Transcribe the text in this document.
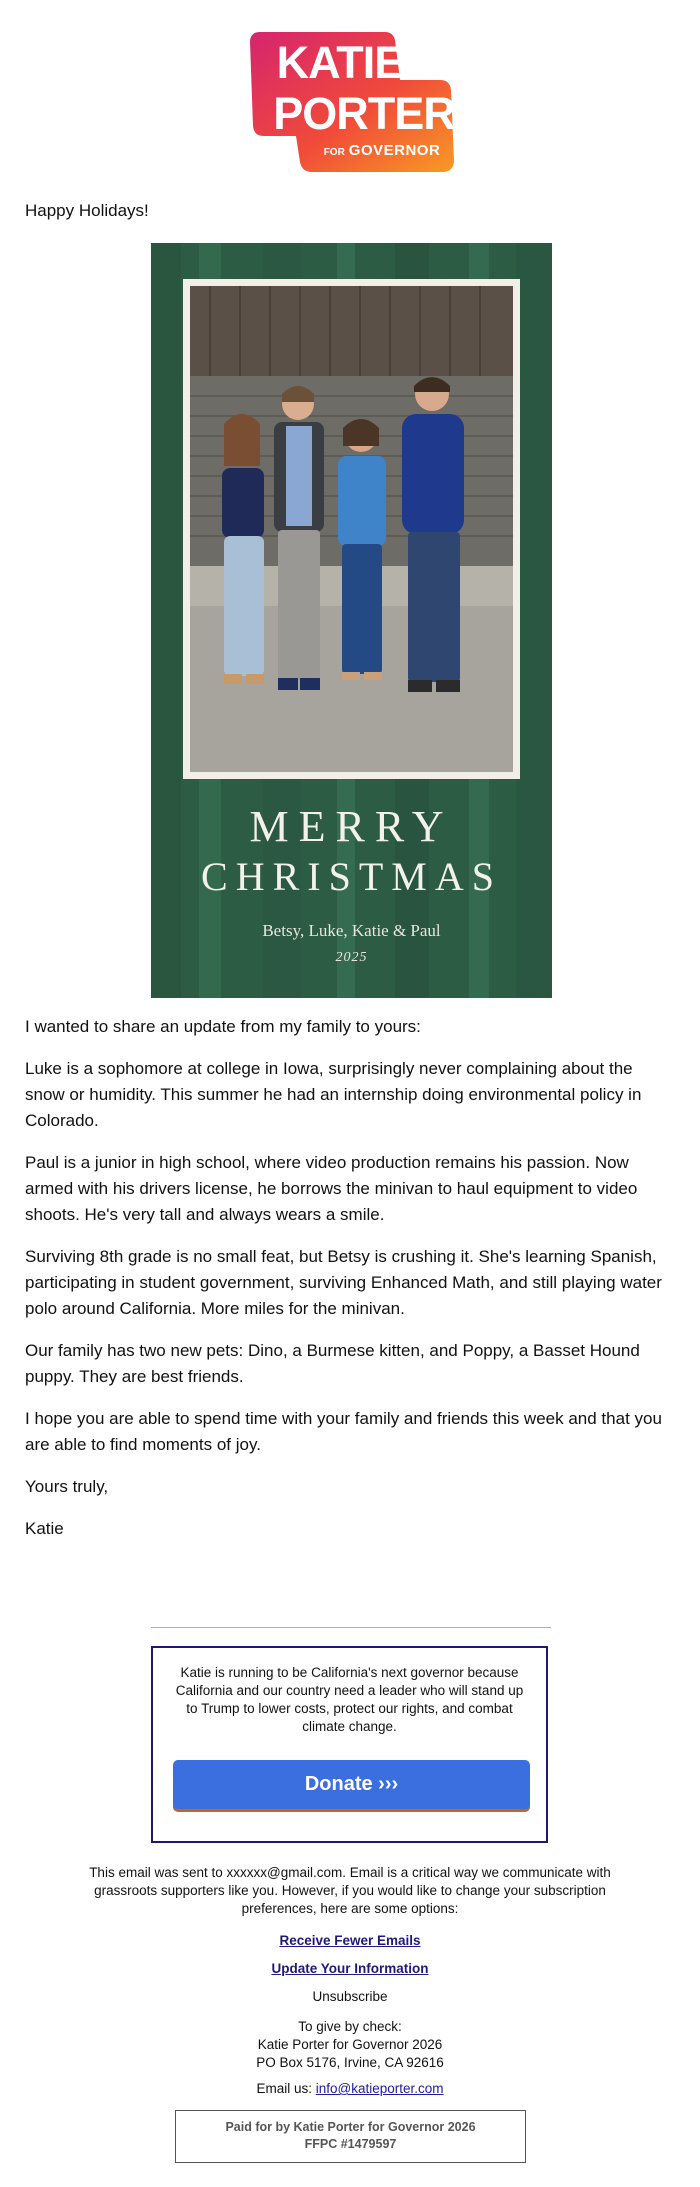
KATIE
PORTER
FOR GOVERNOR

Happy Holidays!

MERRY
CHRISTMAS
Betsy, Luke, Katie & Paul
2025

I wanted to share an update from my family to yours:

Luke is a sophomore at college in Iowa, surprisingly never complaining about the snow or humidity. This summer he had an internship doing environmental policy in Colorado.

Paul is a junior in high school, where video production remains his passion. Now armed with his drivers license, he borrows the minivan to haul equipment to video shoots. He's very tall and always wears a smile.

Surviving 8th grade is no small feat, but Betsy is crushing it. She's learning Spanish, participating in student government, surviving Enhanced Math, and still playing water polo around California. More miles for the minivan.

Our family has two new pets: Dino, a Burmese kitten, and Poppy, a Basset Hound puppy. They are best friends.

I hope you are able to spend time with your family and friends this week and that you are able to find moments of joy.

Yours truly,

Katie

Katie is running to be California's next governor because California and our country need a leader who will stand up to Trump to lower costs, protect our rights, and combat climate change.
Donate ›››
This email was sent to xxxxxx@gmail.com. Email is a critical way we communicate with grassroots supporters like you. However, if you would like to change your subscription preferences, here are some options:
Receive Fewer Emails
Update Your Information
Unsubscribe
To give by check:
Katie Porter for Governor 2026
PO Box 5176, Irvine, CA 92616
Email us: info@katieporter.com
Paid for by Katie Porter for Governor 2026
FFPC #1479597
